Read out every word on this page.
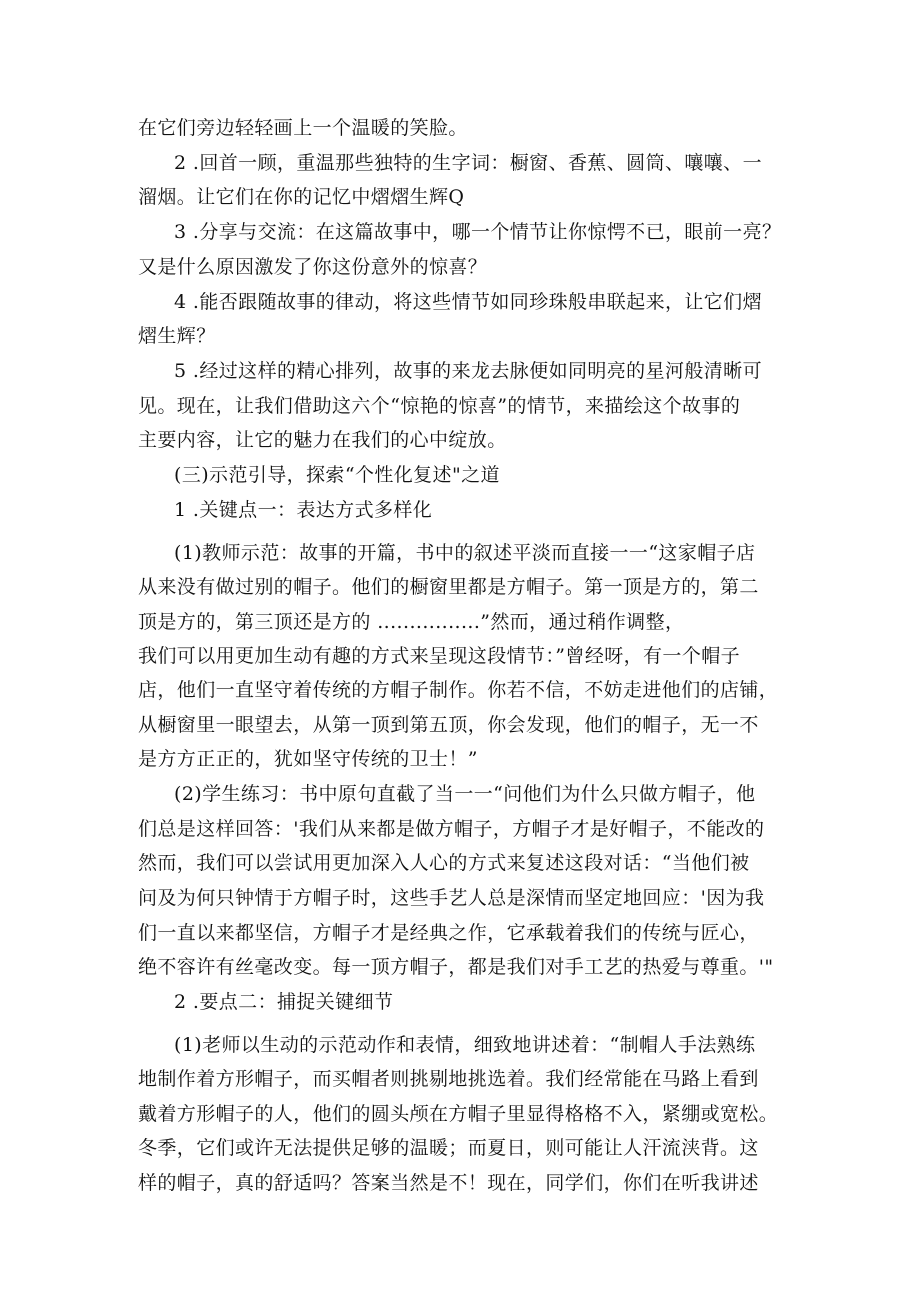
在它们旁边轻轻画上一个温暖的笑脸。
2 .回首一顾，重温那些独特的生字词：橱窗、香蕉、圆筒、嚷嚷、一
溜烟。让它们在你的记忆中熠熠生辉Q
3 .分享与交流：在这篇故事中，哪一个情节让你惊愕不已，眼前一亮？
又是什么原因激发了你这份意外的惊喜？
4 .能否跟随故事的律动，将这些情节如同珍珠般串联起来，让它们熠
熠生辉？
5 .经过这样的精心排列，故事的来龙去脉便如同明亮的星河般清晰可
见。现在，让我们借助这六个“惊艳的惊喜”的情节，来描绘这个故事的
主要内容，让它的魅力在我们的心中绽放。
(三)示范引导，探索“个性化复述"之道
1 .关键点一：表达方式多样化
(1)教师示范：故事的开篇，书中的叙述平淡而直接一一“这家帽子店
从来没有做过别的帽子。他们的橱窗里都是方帽子。第一顶是方的，第二
顶是方的，第三顶还是方的 ................”然而，通过稍作调整，
我们可以用更加生动有趣的方式来呈现这段情节：”曾经呀，有一个帽子
店，他们一直坚守着传统的方帽子制作。你若不信，不妨走进他们的店铺，
从橱窗里一眼望去，从第一顶到第五顶，你会发现，他们的帽子，无一不
是方方正正的，犹如坚守传统的卫士！”
(2)学生练习：书中原句直截了当一一“问他们为什么只做方帽子，他
们总是这样回答：'我们从来都是做方帽子，方帽子才是好帽子，不能改的
然而，我们可以尝试用更加深入人心的方式来复述这段对话：“当他们被
问及为何只钟情于方帽子时，这些手艺人总是深情而坚定地回应：'因为我
们一直以来都坚信，方帽子才是经典之作，它承载着我们的传统与匠心，
绝不容许有丝毫改变。每一顶方帽子，都是我们对手工艺的热爱与尊重。'"
2 .要点二：捕捉关键细节
(1)老师以生动的示范动作和表情，细致地讲述着：“制帽人手法熟练
地制作着方形帽子，而买帽者则挑剔地挑选着。我们经常能在马路上看到
戴着方形帽子的人，他们的圆头颅在方帽子里显得格格不入，紧绷或宽松。
冬季，它们或许无法提供足够的温暖；而夏日，则可能让人汗流浃背。这
样的帽子，真的舒适吗？答案当然是不！现在，同学们，你们在听我讲述
